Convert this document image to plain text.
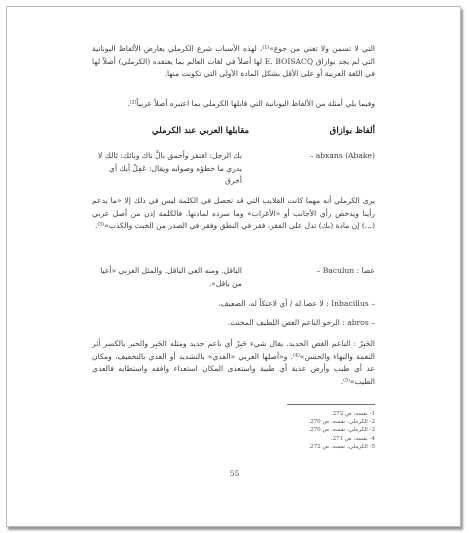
التي لا تسمن ولا تغني من جوع»⁽¹⁾، لهذه الأسباب شرع الكرملي يعارض الألفاظ اليونانية التي لم يجد بوازاق E. BOISACQ لها أصلاً في لغات العالم بما يعتقده (الكرملي) أصلاً لها في اللغة العربية أو على الأقل بشكل المادة الأولى التي تكونت منها.
وفيما يلي أمثلة من الألفاظ اليونانية التي قابلها الكرملي بما اعتبره أصلاً عربياً⁽²⁾.
ألفاظ بوازاق
مقابلها العربي عند الكرملي
– abxans (Abake)
بك الرجل: افتقر وأحمق بالَّ تاك وبائك: ئالك لا يدري ما خطؤه وصوابه ويقال: عَفِلْ أيك أي أخرق
يرى الكرملي أنه مهما كانت القلايب التي قد تحصل في الكلمة ليس في ذلك إلا «ما يدعم رأينا ويدحض رأي الأجانب أو «الأغراب» وما سرده لمادتها. فالكلمة إذن من أصل عربي (...) إن مادة (بك) تدل على الفقر، فقر في النطق وفقر في الصدر من الخبث والكذب»⁽³⁾.
– Baculun : عصا
الباقل. ومنه العي الباقل. والمثل العربي «أعيا من باقل».
– Inbacillus : لا عصا له / أي لاعتكاً له، الضعيف.
– abros : الرخو الناعم الغض اللطيف المخنث.
الحَبِرُ : الناعم الغض الجديد. يقال شيء حَبِرٌ أي ناعم جديد ومثله الحَبِر والحبر بالكسر أثر النعمة والبهاء والحسن»⁽⁴⁾. و«أصلها العربي «العذي» بالتشديد أو العذي بالتخفيف، ومكان عذ أي طيب وأرض عذية أي طيبة واستعذى المكان استعذاء وافقه واستطابه فالعذي الطيب»⁽⁵⁾.
1- نفسه، ص 272.
2- الكرملي، نفسه، ص 270.
3- الكرملي، نفسه، ص 270.
4- نفسه، ص 271.
5- الكرملي، نفسه، ص 272.
55
